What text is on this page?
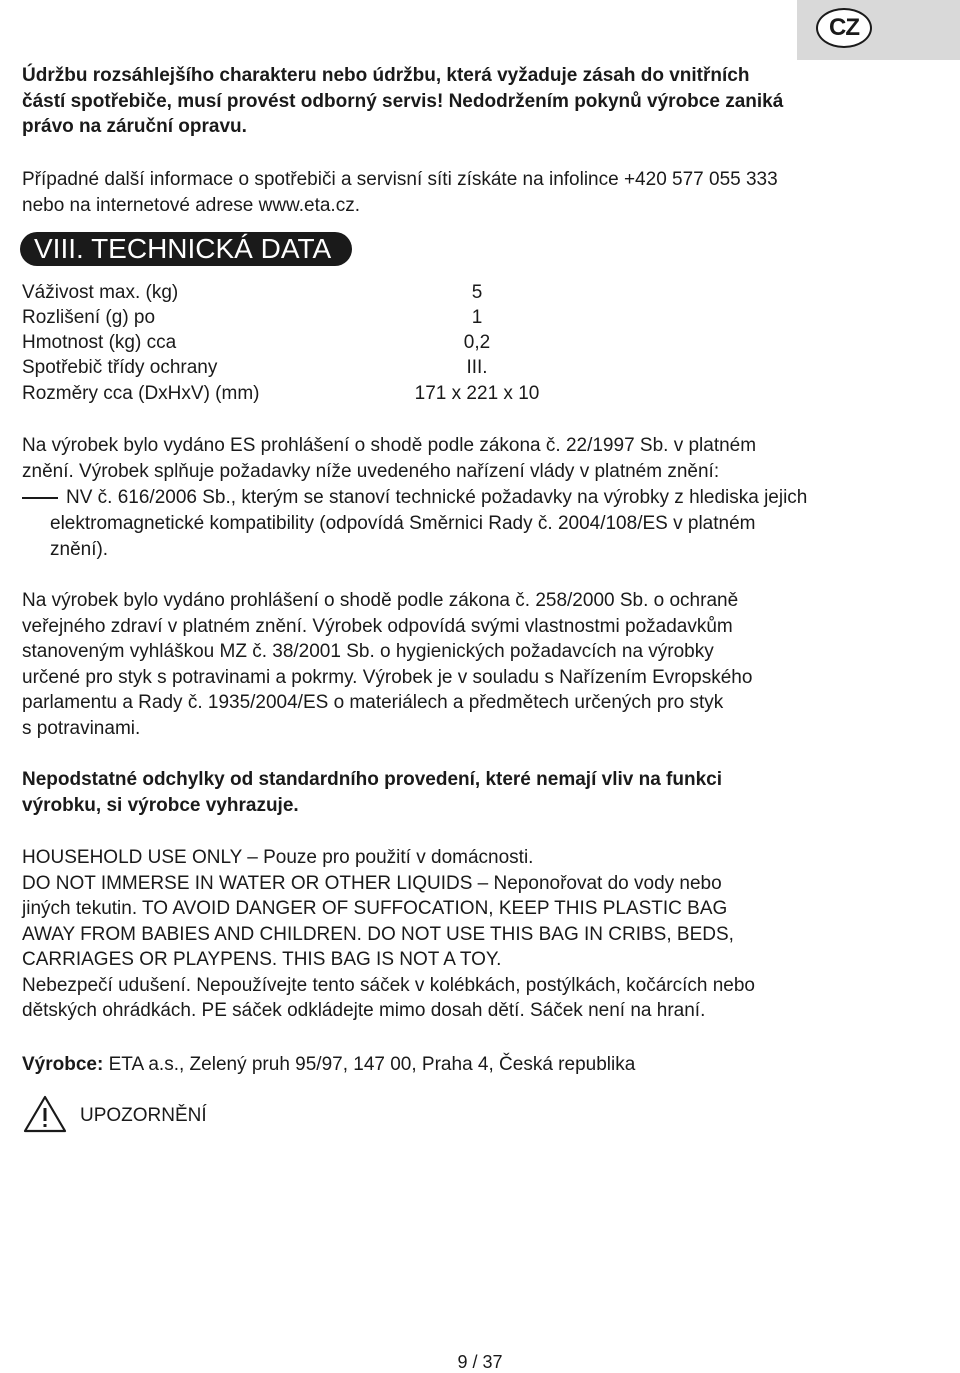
CZ
Údržbu rozsáhlejšího charakteru nebo údržbu, která vyžaduje zásah do vnitřních
částí spotřebiče, musí provést odborný servis! Nedodržením pokynů výrobce zaniká
právo na záruční opravu.
Případné další informace o spotřebiči a servisní síti získáte na infolince +420 577 055 333
nebo na internetové adrese www.eta.cz.
VIII. TECHNICKÁ DATA
Váživost max. (kg)	5
Rozlišení (g) po	1
Hmotnost (kg) cca	0,2
Spotřebič třídy ochrany	III.
Rozměry cca (DxHxV) (mm)	171 x 221 x 10
Na výrobek bylo vydáno ES prohlášení o shodě podle zákona č. 22/1997 Sb. v platném
znění. Výrobek splňuje požadavky níže uvedeného nařízení vlády v platném znění:
NV č. 616/2006 Sb., kterým se stanoví technické požadavky na výrobky z hlediska jejich
elektromagnetické kompatibility (odpovídá Směrnici Rady č. 2004/108/ES v platném
znění).
Na výrobek bylo vydáno prohlášení o shodě podle zákona č. 258/2000 Sb. o ochraně
veřejného zdraví v platném znění. Výrobek odpovídá svými vlastnostmi požadavkům
stanoveným vyhláškou MZ č. 38/2001 Sb. o hygienických požadavcích na výrobky
určené pro styk s potravinami a pokrmy. Výrobek je v souladu s Nařízením Evropského
parlamentu a Rady č. 1935/2004/ES o materiálech a předmětech určených pro styk
s potravinami.
Nepodstatné odchylky od standardního provedení, které nemají vliv na funkci
výrobku, si výrobce vyhrazuje.
HOUSEHOLD USE ONLY – Pouze pro použití v domácnosti.
DO NOT IMMERSE IN WATER OR OTHER LIQUIDS – Neponořovat do vody nebo
jiných tekutin. TO AVOID DANGER OF SUFFOCATION, KEEP THIS PLASTIC BAG
AWAY FROM BABIES AND CHILDREN. DO NOT USE THIS BAG IN CRIBS, BEDS,
CARRIAGES OR PLAYPENS. THIS BAG IS NOT A TOY.
Nebezpečí udušení. Nepoužívejte tento sáček v kolébkách, postýlkách, kočárcích nebo
dětských ohrádkách. PE sáček odkládejte mimo dosah dětí. Sáček není na hraní.
Výrobce: ETA a.s., Zelený pruh 95/97, 147 00, Praha 4, Česká republika
UPOZORNĚNÍ
9 / 37
